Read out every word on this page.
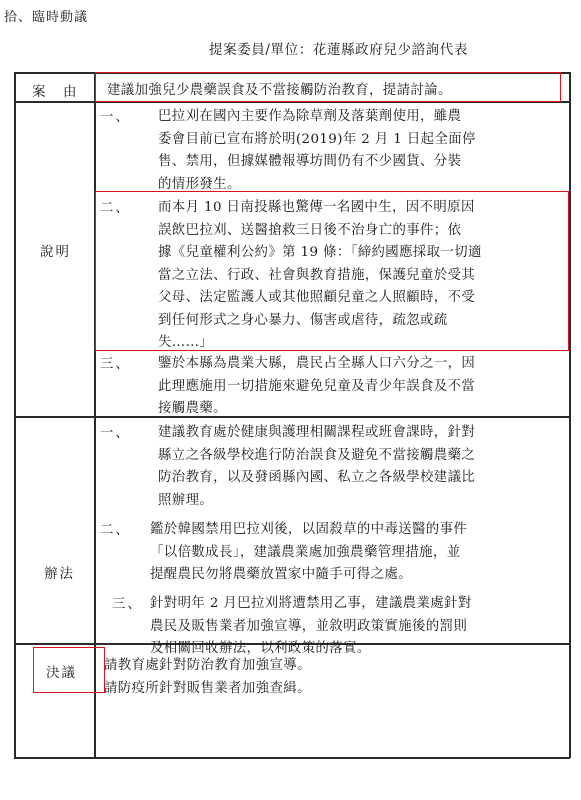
拾、臨時動議
提案委員/單位：花蓮縣政府兒少諮詢代表
案　由 建議加強兒少農藥誤食及不當接觸防治教育，提請討論。
說明
一、 巴拉刈在國內主要作為除草劑及落葉劑使用，雖農
委會目前已宣布將於明(2019)年 2 月 1 日起全面停
售、禁用，但據媒體報導坊間仍有不少國貨、分裝
的情形發生。
二、 而本月 10 日南投縣也驚傳一名國中生，因不明原因
誤飲巴拉刈、送醫搶救三日後不治身亡的事件；依
據《兒童權利公約》第 19 條：「締約國應採取一切適
當之立法、行政、社會與教育措施，保護兒童於受其
父母、法定監護人或其他照顧兒童之人照顧時，不受
到任何形式之身心暴力、傷害或虐待，疏忽或疏
失……」
三、 鑒於本縣為農業大縣，農民占全縣人口六分之一，因
此理應施用一切措施來避免兒童及青少年誤食及不當
接觸農藥。
辦法
一、 建議教育處於健康與護理相關課程或班會課時，針對
縣立之各級學校進行防治誤食及避免不當接觸農藥之
防治教育，以及發函縣內國、私立之各級學校建議比
照辦理。
二、 鑑於韓國禁用巴拉刈後，以固殺草的中毒送醫的事件
「以倍數成長」，建議農業處加強農藥管理措施，並
提醒農民勿將農藥放置家中隨手可得之處。
三、 針對明年 2 月巴拉刈將遭禁用乙事，建議農業處針對
農民及販售業者加強宣導，並敘明政策實施後的罰則
及相關回收辦法，以利政策的落實。
決議 請教育處針對防治教育加強宣導。
請防疫所針對販售業者加強查緝。
